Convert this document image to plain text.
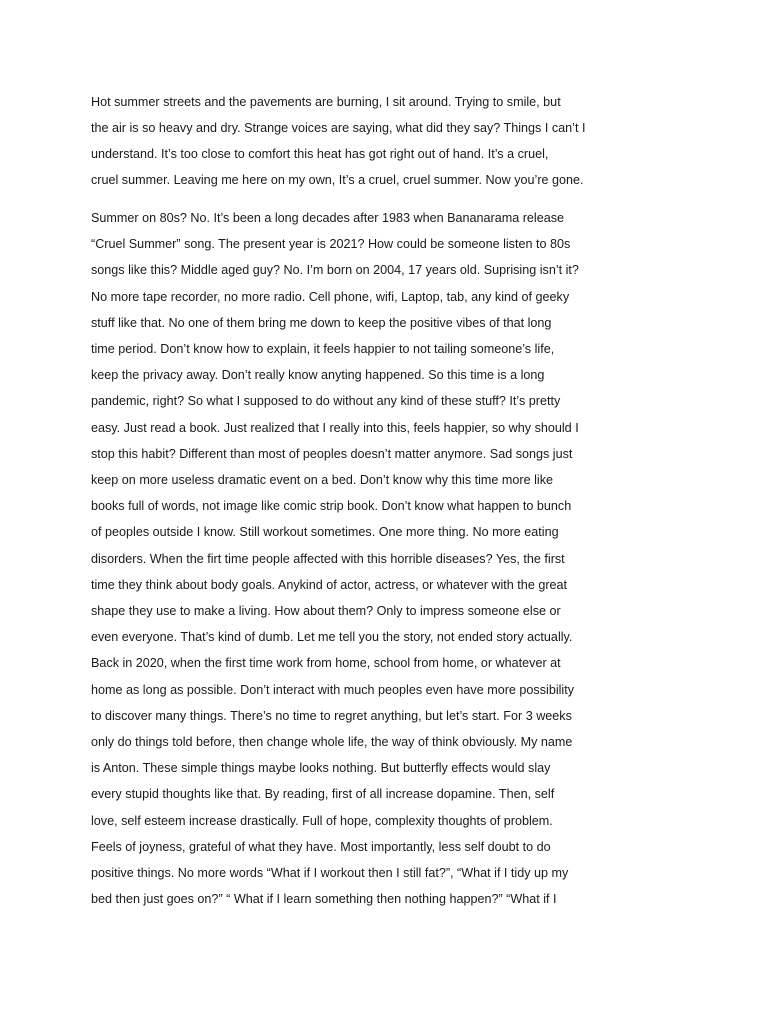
Hot summer streets and the pavements are burning, I sit around. Trying to smile, but
the air is so heavy and dry. Strange voices are saying, what did they say? Things I can’t I
understand. It’s too close to comfort this heat has got right out of hand. It’s a cruel,
cruel summer. Leaving me here on my own, It’s a cruel, cruel summer. Now you’re gone.
Summer on 80s? No. It’s been a long decades after 1983 when Bananarama release
“Cruel Summer” song. The present year is 2021? How could be someone listen to 80s
songs like this? Middle aged guy? No. I’m born on 2004, 17 years old. Suprising isn’t it?
No more tape recorder, no more radio. Cell phone, wifi, Laptop, tab, any kind of geeky
stuff like that. No one of them bring me down to keep the positive vibes of that long
time period. Don’t know how to explain, it feels happier to not tailing someone’s life,
keep the privacy away. Don’t really know anyting happened. So this time is a long
pandemic, right? So what I supposed to do without any kind of these stuff? It’s pretty
easy. Just read a book. Just realized that I really into this, feels happier, so why should I
stop this habit? Different than most of peoples doesn’t matter anymore. Sad songs just
keep on more useless dramatic event on a bed. Don’t know why this time more like
books full of words, not image like comic strip book. Don’t know what happen to bunch
of peoples outside I know. Still workout sometimes. One more thing. No more eating
disorders. When the firt time people affected with this horrible diseases? Yes, the first
time they think about body goals. Anykind of actor, actress, or whatever with the great
shape they use to make a living. How about them? Only to impress someone else or
even everyone. That’s kind of dumb. Let me tell you the story, not ended story actually.
Back in 2020, when the first time work from home, school from home, or whatever at
home as long as possible. Don’t interact with much peoples even have more possibility
to discover many things. There’s no time to regret anything, but let’s start. For 3 weeks
only do things told before, then change whole life, the way of think obviously. My name
is Anton. These simple things maybe looks nothing. But butterfly effects would slay
every stupid thoughts like that. By reading, first of all increase dopamine. Then, self
love, self esteem increase drastically. Full of hope, complexity thoughts of problem.
Feels of joyness, grateful of what they have. Most importantly, less self doubt to do
positive things. No more words “What if I workout then I still fat?”, “What if I tidy up my
bed then just goes on?” “ What if I learn something then nothing happen?” “What if I
